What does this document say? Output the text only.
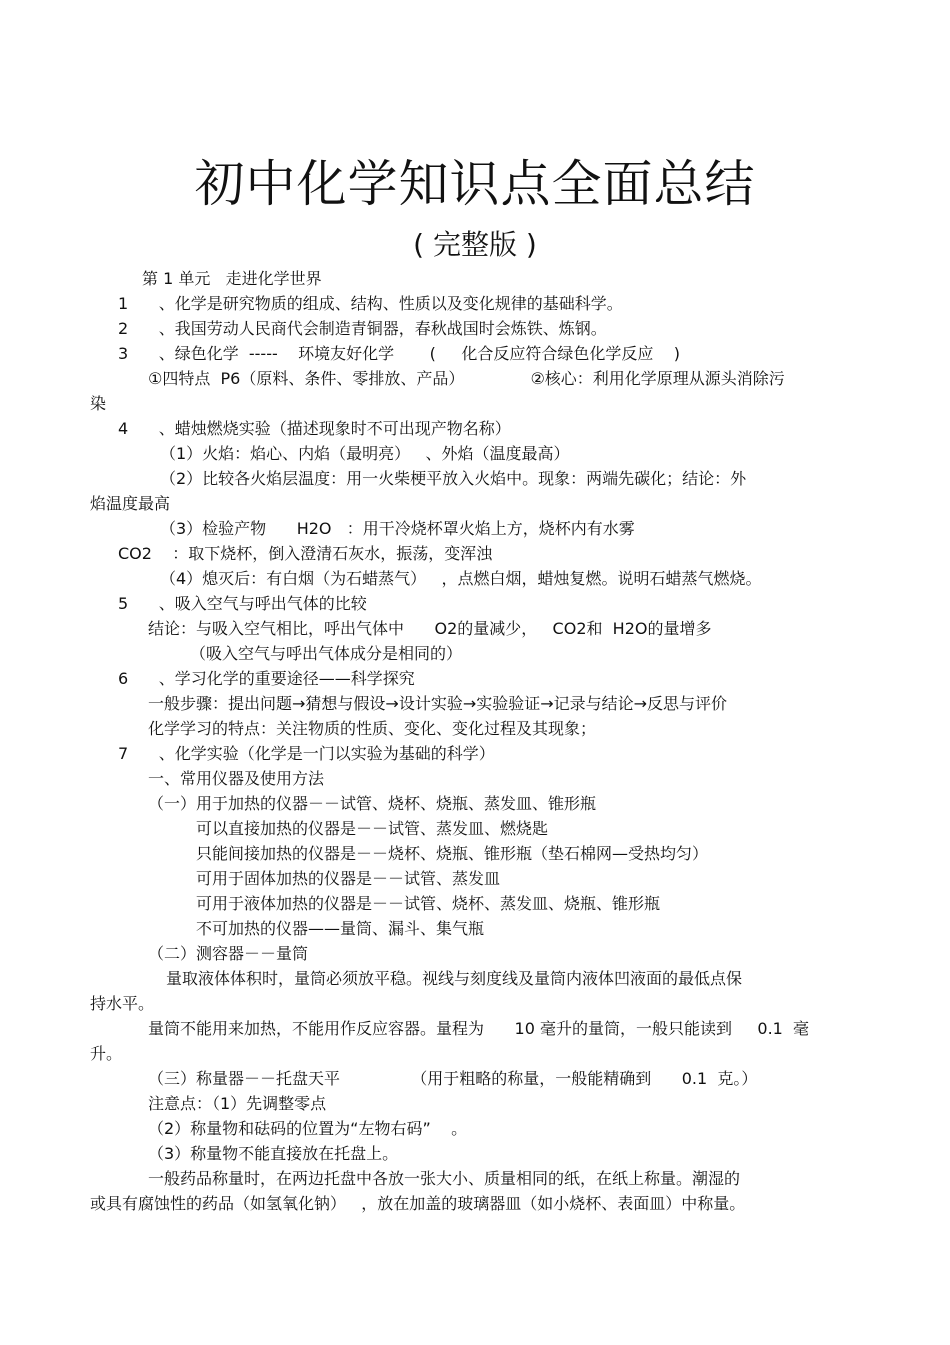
初中化学知识点全面总结
( 完整版 )
第 1 单元   走进化学世界
1      、化学是研究物质的组成、结构、性质以及变化规律的基础科学。
2      、我国劳动人民商代会制造青铜器，春秋战国时会炼铁、炼钢。
3      、绿色化学  -----    环境友好化学       (     化合反应符合绿色化学反应    )
①四特点  P6（原料、条件、零排放、产品）             ②核心：利用化学原理从源头消除污
染
4      、蜡烛燃烧实验（描述现象时不可出现产物名称）
（1）火焰：焰心、内焰（最明亮）   、外焰（温度最高）
（2）比较各火焰层温度：用一火柴梗平放入火焰中。现象：两端先碳化；结论：外
焰温度最高
（3）检验产物      H2O   ：用干冷烧杯罩火焰上方，烧杯内有水雾
CO2    ：取下烧杯，倒入澄清石灰水，振荡，变浑浊
（4）熄灭后：有白烟（为石蜡蒸气）   ，点燃白烟，蜡烛复燃。说明石蜡蒸气燃烧。
5      、吸入空气与呼出气体的比较
结论：与吸入空气相比，呼出气体中      O2的量减少，   CO2和  H2O的量增多
（吸入空气与呼出气体成分是相同的）
6      、学习化学的重要途径——科学探究
一般步骤：提出问题→猜想与假设→设计实验→实验验证→记录与结论→反思与评价
化学学习的特点：关注物质的性质、变化、变化过程及其现象；
7      、化学实验（化学是一门以实验为基础的科学）
一、常用仪器及使用方法
（一）用于加热的仪器－－试管、烧杯、烧瓶、蒸发皿、锥形瓶
可以直接加热的仪器是－－试管、蒸发皿、燃烧匙
只能间接加热的仪器是－－烧杯、烧瓶、锥形瓶（垫石棉网—受热均匀）
可用于固体加热的仪器是－－试管、蒸发皿
可用于液体加热的仪器是－－试管、烧杯、蒸发皿、烧瓶、锥形瓶
不可加热的仪器——量筒、漏斗、集气瓶
（二）测容器－－量筒
量取液体体积时，量筒必须放平稳。视线与刻度线及量筒内液体凹液面的最低点保
持水平。
量筒不能用来加热，不能用作反应容器。量程为      10 毫升的量筒，一般只能读到     0.1  毫
升。
（三）称量器－－托盘天平              （用于粗略的称量，一般能精确到      0.1  克。）
注意点：（1）先调整零点
（2）称量物和砝码的位置为“左物右码”    。
（3）称量物不能直接放在托盘上。
一般药品称量时，在两边托盘中各放一张大小、质量相同的纸，在纸上称量。潮湿的
或具有腐蚀性的药品（如氢氧化钠）   ，放在加盖的玻璃器皿（如小烧杯、表面皿）中称量。
